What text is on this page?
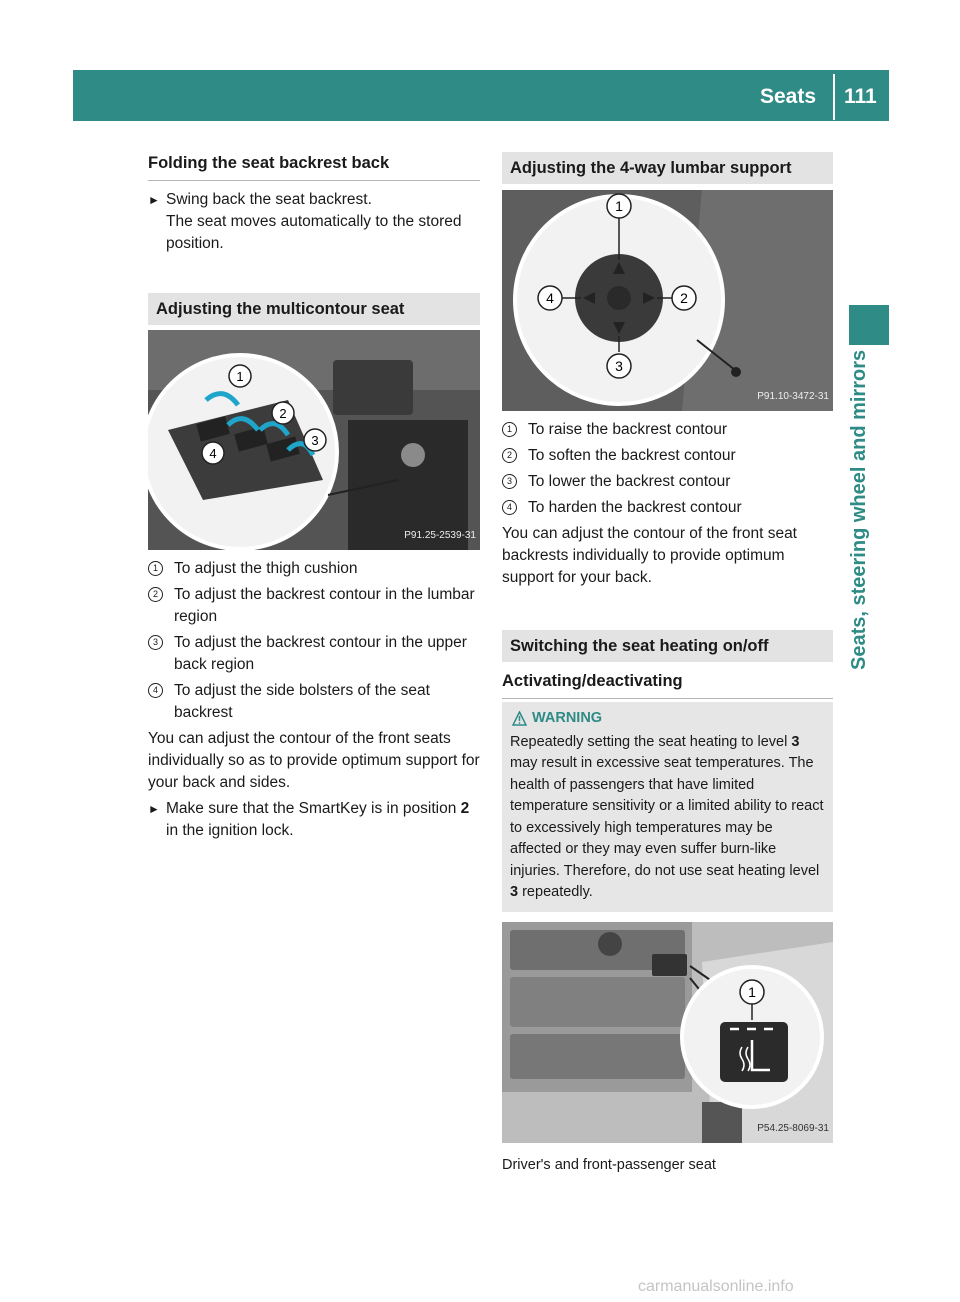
Seats 111
Seats, steering wheel and mirrors
Folding the seat backrest back
► Swing back the seat backrest.
The seat moves automatically to the stored position.
Adjusting the multicontour seat
1
2
3
4
P91.25-2539-31
1	To adjust the thigh cushion
2	To adjust the backrest contour in the lumbar region
3	To adjust the backrest contour in the upper back region
4	To adjust the side bolsters of the seat backrest
You can adjust the contour of the front seats individually so as to provide optimum support for your back and sides.
► Make sure that the SmartKey is in position 2 in the ignition lock.
Adjusting the 4-way lumbar support
1
2
3
4
P91.10-3472-31
1	To raise the backrest contour
2	To soften the backrest contour
3	To lower the backrest contour
4	To harden the backrest contour
You can adjust the contour of the front seat backrests individually to provide optimum support for your back.
Switching the seat heating on/off
Activating/deactivating
WARNING
Repeatedly setting the seat heating to level 3 may result in excessive seat temperatures. The health of passengers that have limited temperature sensitivity or a limited ability to react to excessively high temperatures may be affected or they may even suffer burn-like injuries. Therefore, do not use seat heating level 3 repeatedly.
1
P54.25-8069-31
Driver's and front-passenger seat
carmanualsonline.info
